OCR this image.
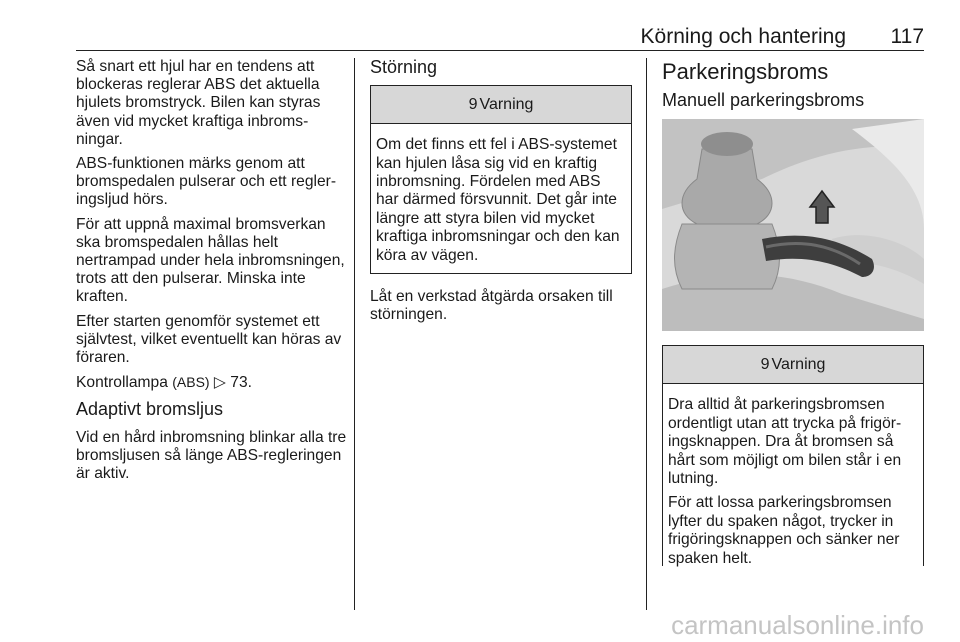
Körning och hantering 117

Så snart ett hjul har en tendens att blockeras reglerar ABS det aktuella hjulets bromstryck. Bilen kan styras även vid mycket kraftiga inbromsningar.

ABS-funktionen märks genom att bromspedalen pulserar och ett regleringsljud hörs.

För att uppnå maximal bromsverkan ska bromspedalen hållas helt nertrampad under hela inbromsningen, trots att den pulserar. Minska inte kraften.

Efter starten genomför systemet ett självtest, vilket eventuellt kan höras av föraren.

Kontrollampa (ABS) ▷ 73.

Adaptivt bromsljus

Vid en hård inbromsning blinkar alla tre bromsljusen så länge ABS-regleringen är aktiv.

Störning
9 Varning
Om det finns ett fel i ABS-systemet kan hjulen låsa sig vid en kraftig inbromsning. Fördelen med ABS har därmed försvunnit. Det går inte längre att styra bilen vid mycket kraftiga inbromsningar och den kan köra av vägen.

Låt en verkstad åtgärda orsaken till störningen.

Parkeringsbroms
Manuell parkeringsbroms
9 Varning

Dra alltid åt parkeringsbromsen ordentligt utan att trycka på frigöringsknappen. Dra åt bromsen så hårt som möjligt om bilen står i en lutning.

För att lossa parkeringsbromsen lyfter du spaken något, trycker in frigöringsknappen och sänker ner spaken helt.

carmanualsonline.info
